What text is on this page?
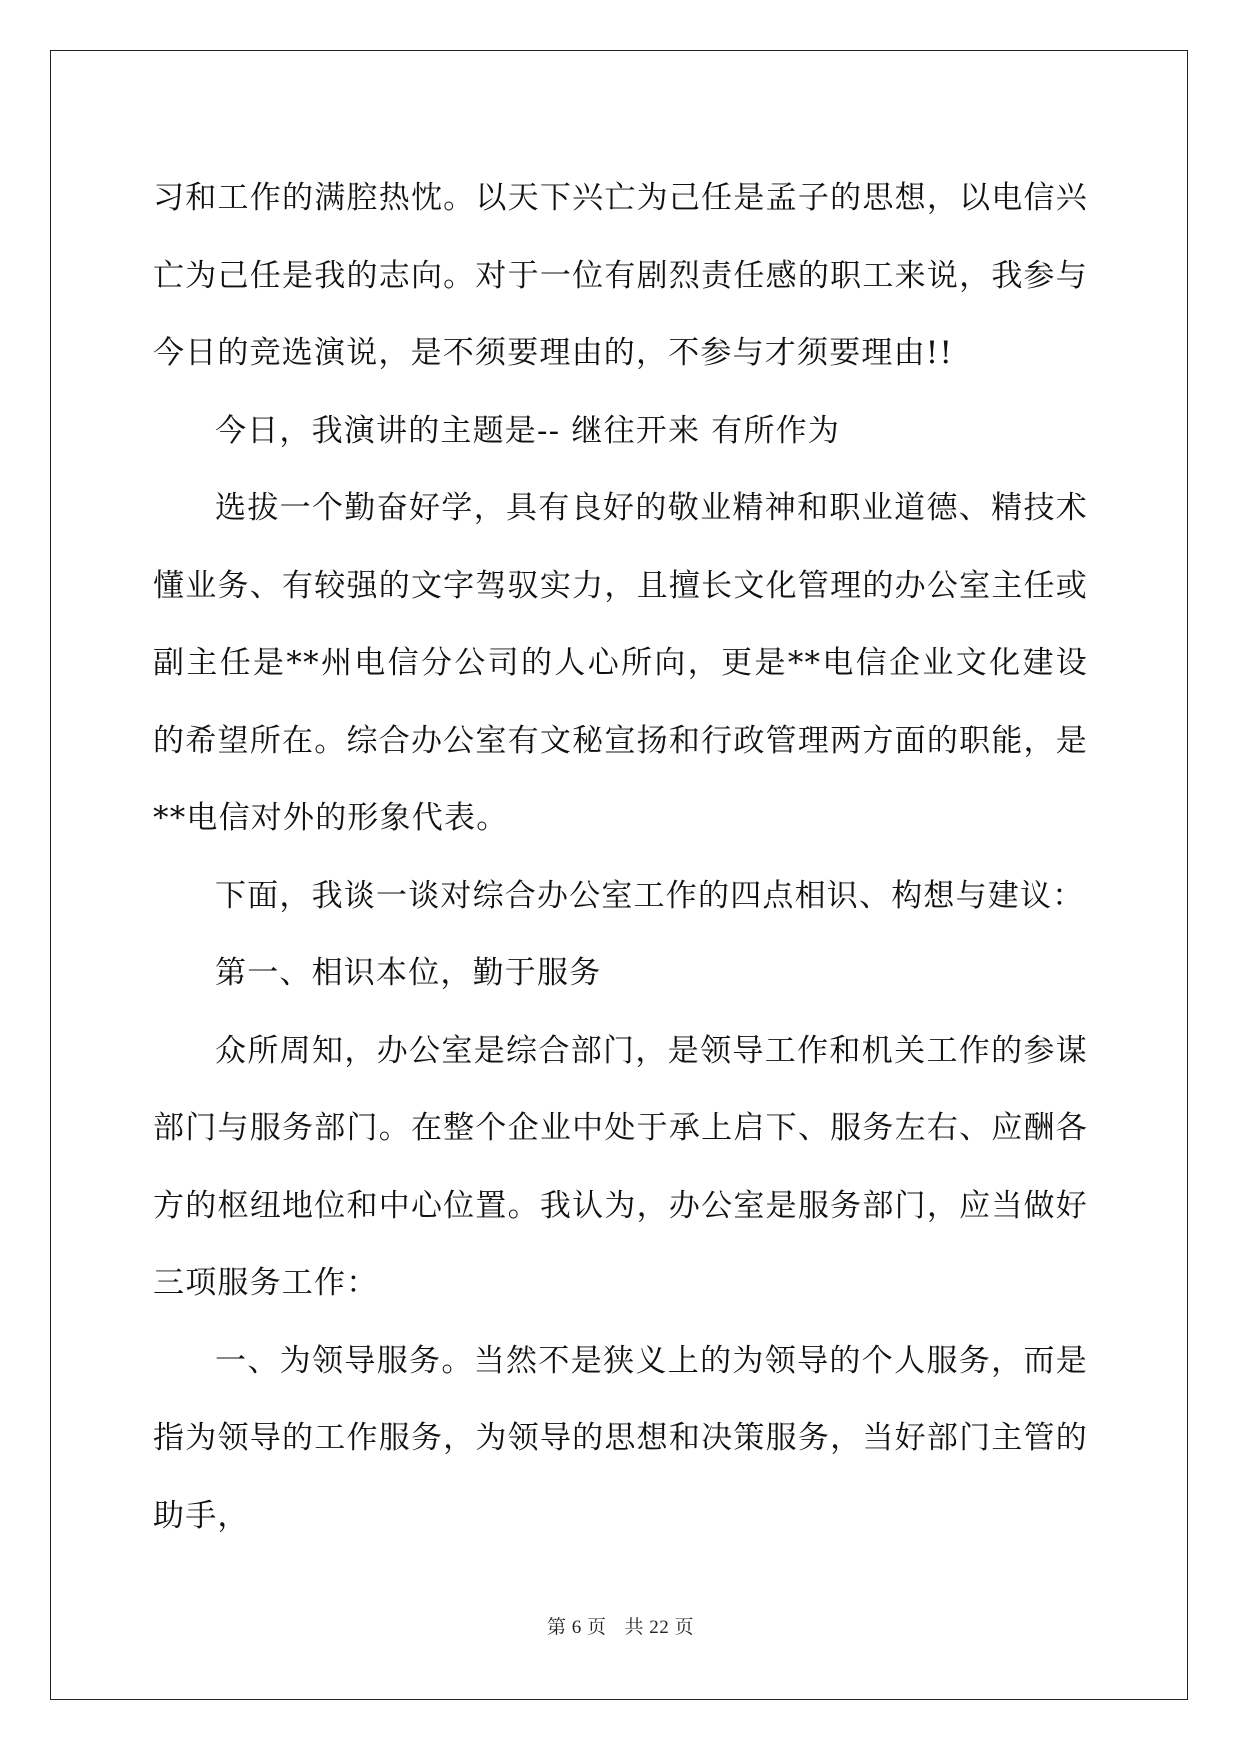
习和工作的满腔热忱。以天下兴亡为己任是孟子的思想，以电信兴亡为己任是我的志向。对于一位有剧烈责任感的职工来说，我参与今日的竞选演说，是不须要理由的，不参与才须要理由!!

今日，我演讲的主题是-- 继往开来 有所作为

选拔一个勤奋好学，具有良好的敬业精神和职业道德、精技术懂业务、有较强的文字驾驭实力，且擅长文化管理的办公室主任或副主任是**州电信分公司的人心所向，更是**电信企业文化建设的希望所在。综合办公室有文秘宣扬和行政管理两方面的职能，是**电信对外的形象代表。

下面，我谈一谈对综合办公室工作的四点相识、构想与建议：

第一、相识本位，勤于服务

众所周知，办公室是综合部门，是领导工作和机关工作的参谋部门与服务部门。在整个企业中处于承上启下、服务左右、应酬各方的枢纽地位和中心位置。我认为，办公室是服务部门，应当做好三项服务工作：

一、为领导服务。当然不是狭义上的为领导的个人服务，而是指为领导的工作服务，为领导的思想和决策服务，当好部门主管的助手，

第 6 页 共 22 页
